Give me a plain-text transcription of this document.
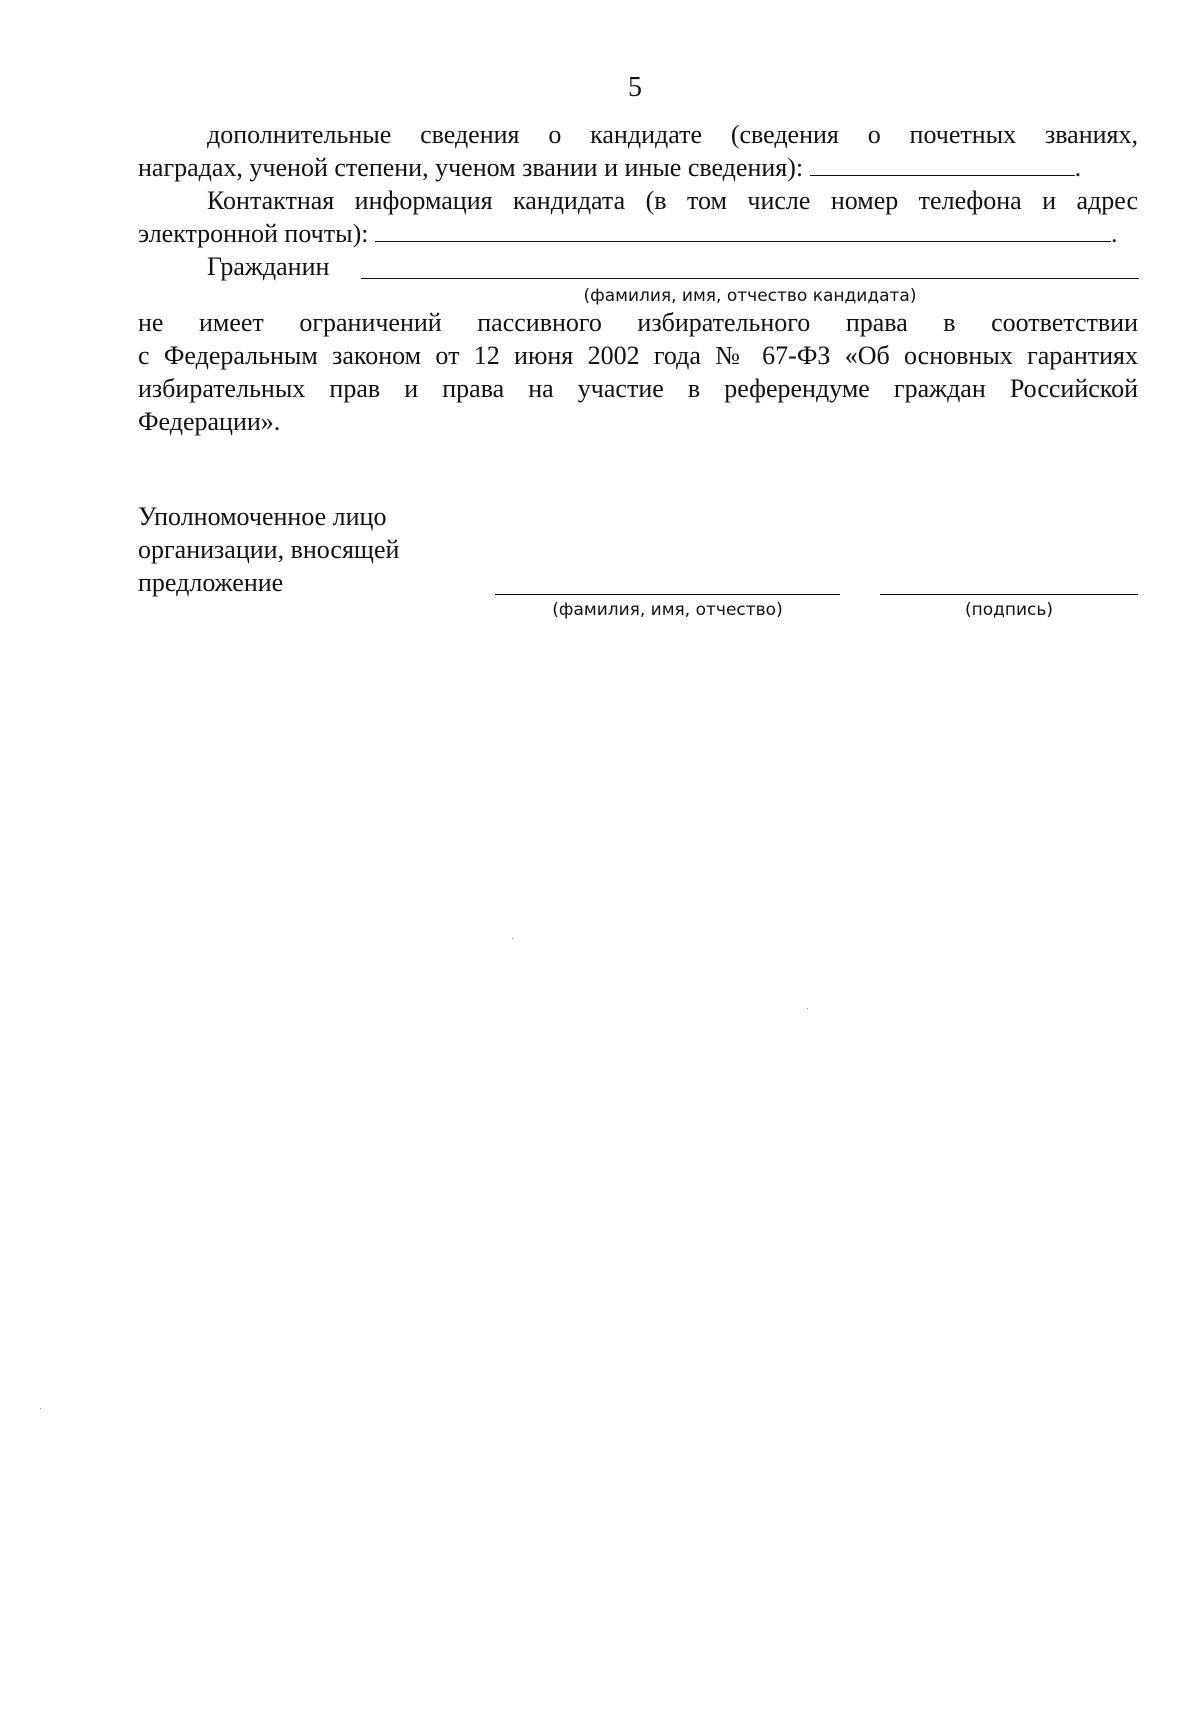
5
дополнительные сведения о кандидате (сведения о почетных званиях,
наградах, ученой степени, ученом звании и иные сведения):	.
Контактная информация кандидата (в том числе номер телефона и адрес
электронной почты):	.
Гражданин
(фамилия, имя, отчество кандидата)
не имеет ограничений пассивного избирательного права в соответствии
с Федеральным законом от 12 июня 2002 года № 67-ФЗ «Об основных гарантиях
избирательных прав и права на участие в референдуме граждан Российской
Федерации».
Уполномоченное лицо
организации, вносящей
предложение
(фамилия, имя, отчество)	(подпись)
